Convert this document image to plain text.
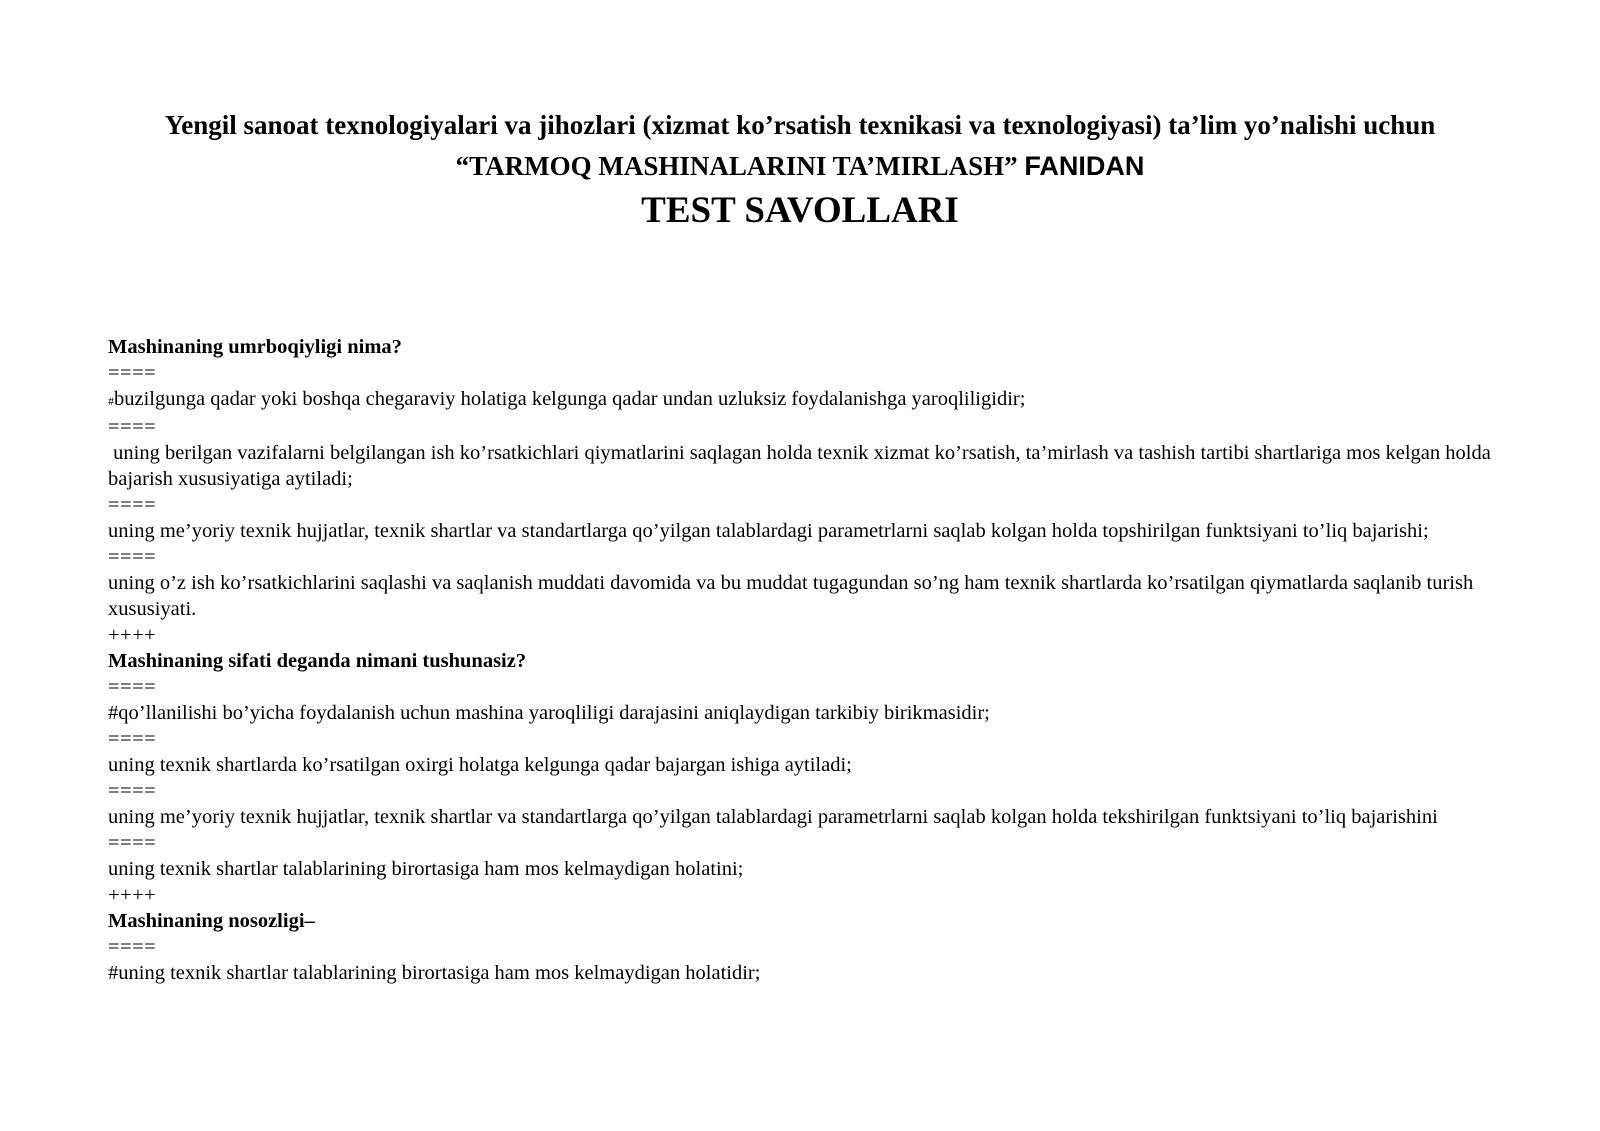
Yengil sanoat texnologiyalari va jihozlari (xizmat ko’rsatish texnikasi va texnologiyasi) ta’lim yo’nalishi uchun

“TARMOQ MASHINALARINI TA’MIRLASH” FANIDAN

TEST SAVOLLARI

Mashinaning umrboqiyligi nima?

====

#buzilgunga qadar yoki boshqa chegaraviy holatiga kelgunga qadar undan uzluksiz foydalanishga yaroqliligidir;

====

uning berilgan vazifalarni belgilangan ish ko’rsatkichlari qiymatlarini saqlagan holda texnik xizmat ko’rsatish, ta’mirlash va tashish tartibi shartlariga mos kelgan holda bajarish xususiyatiga aytiladi;

====

uning me’yoriy texnik hujjatlar, texnik shartlar va standartlarga qo’yilgan talablardagi parametrlarni saqlab kolgan holda topshirilgan funktsiyani to’liq bajarishi;

====

uning o’z ish ko’rsatkichlarini saqlashi va saqlanish muddati davomida va bu muddat tugagundan so’ng ham texnik shartlarda ko’rsatilgan qiymatlarda saqlanib turish xususiyati.

++++

Mashinaning sifati deganda nimani tushunasiz?

====

#qo’llanilishi bo’yicha foydalanish uchun mashina yaroqliligi darajasini aniqlaydigan tarkibiy birikmasidir;

====

uning texnik shartlarda ko’rsatilgan oxirgi holatga kelgunga qadar bajargan ishiga aytiladi;

====

uning me’yoriy texnik hujjatlar, texnik shartlar va standartlarga qo’yilgan talablardagi parametrlarni saqlab kolgan holda tekshirilgan funktsiyani to’liq bajarishini

====

uning texnik shartlar talablarining birortasiga ham mos kelmaydigan holatini;

++++

Mashinaning nosozligi–

====

#uning texnik shartlar talablarining birortasiga ham mos kelmaydigan holatidir;
